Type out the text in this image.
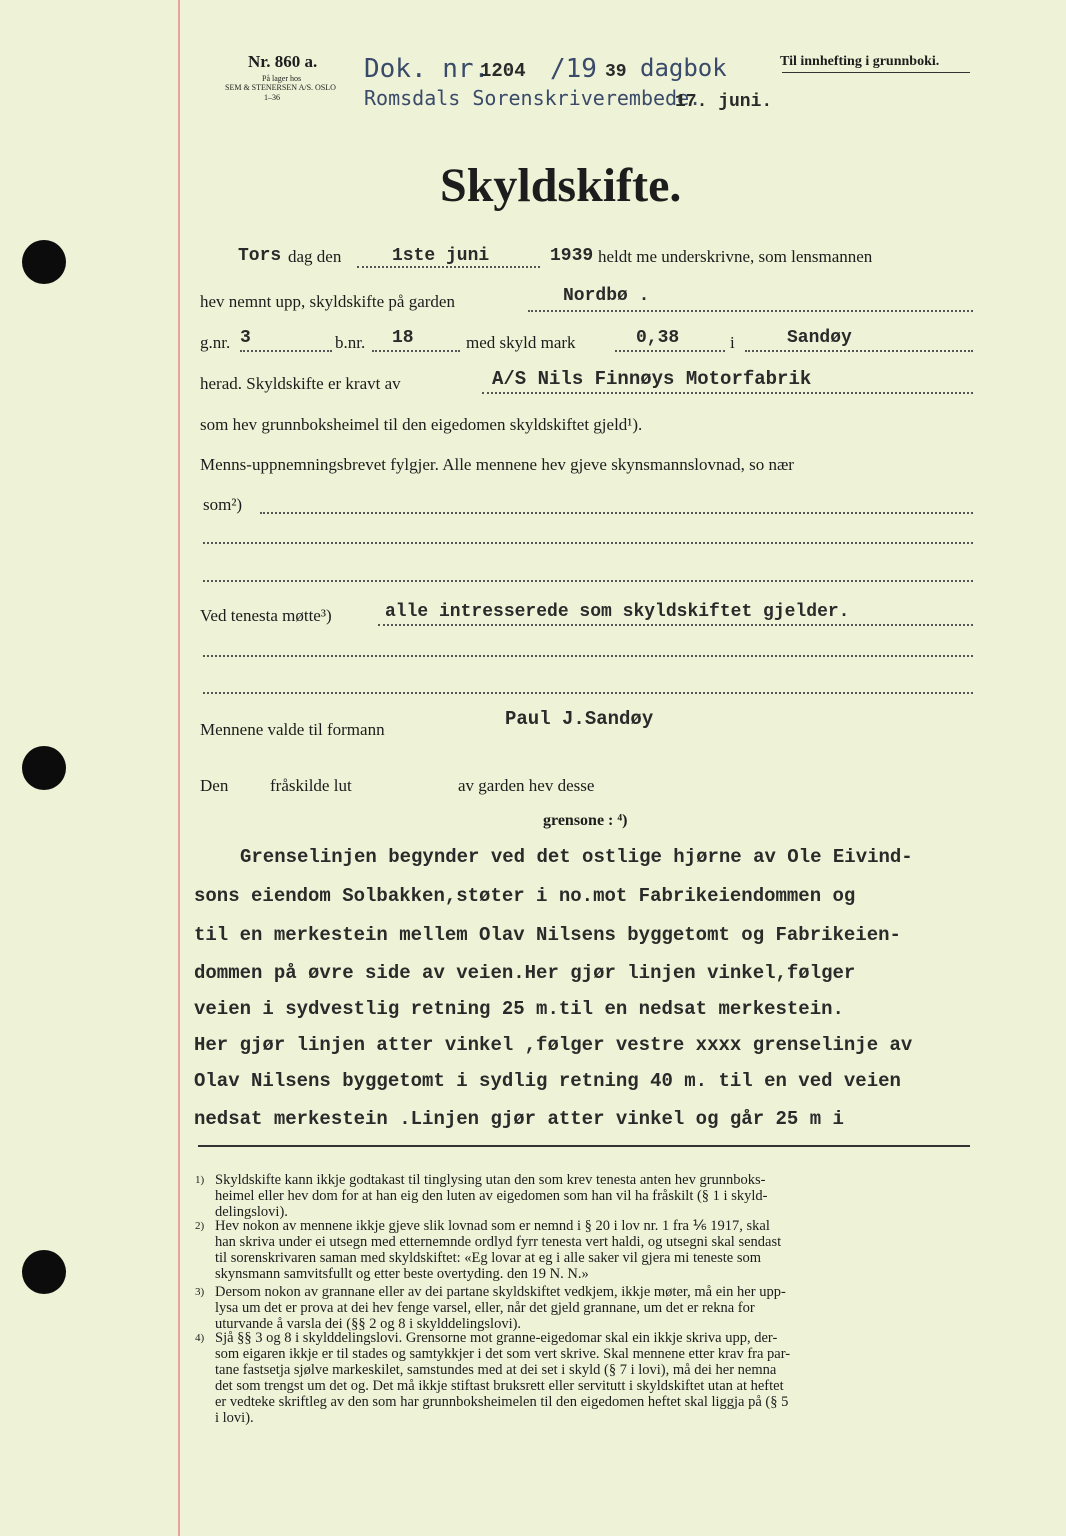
Nr. 860 a.
På lager hos
SEM & STENERSEN A/S. OSLO
1–36
Dok. nr.
1204 /19 39 dagbok	Til innhefting i grunnboki.
Romsdals Sorenskriverembede.
17. juni.
Skyldskifte.
Tors dag den	1ste juni	1939 heldt me underskrivne, som lensmannen
hev nemnt upp, skyldskifte på garden	Nordbø .
g.nr. 3	b.nr. 18	med skyld mark	0,38	i	Sandøy
herad. Skyldskifte er kravt av	A/S Nils Finnøys Motorfabrik
som hev grunnboksheimel til den eigedomen skyldskiftet gjeld¹).
Menns-uppnemningsbrevet fylgjer. Alle mennene hev gjeve skynsmannslovnad, so nær
som²)
Ved tenesta møtte³)	alle intresserede som skyldskiftet gjelder.
Mennene valde til formann	Paul J.Sandøy
Den fråskilde lut	av garden hev desse
grensone : ⁴)
Grenselinjen begynder ved det ostlige hjørne av Ole Eivind-
sons eiendom Solbakken,støter i no.mot Fabrikeiendommen og
til en merkestein mellem Olav Nilsens byggetomt og Fabrikeien-
dommen på øvre side av veien.Her gjør linjen vinkel,følger
veien i sydvestlig retning 25 m.til en nedsat merkestein.
Her gjør linjen atter vinkel ,følger vestre xxxx grenselinje av
Olav Nilsens byggetomt i sydlig retning 40 m. til en ved veien
nedsat merkestein .Linjen gjør atter vinkel og går 25 m i
1) Skyldskifte kann ikkje godtakast til tinglysing utan den som krev tenesta anten hev grunnboks-

heimel eller hev dom for at han eig den luten av eigedomen som han vil ha fråskilt (§ 1 i skyld-

delingslovi).

2) Hev nokon av mennene ikkje gjeve slik lovnad som er nemnd i § 20 i lov nr. 1 fra ⅙ 1917, skal

han skriva under ei utsegn med etternemnde ordlyd fyrr tenesta vert haldi, og utsegni skal sendast

til sorenskrivaren saman med skyldskiftet: «Eg lovar at eg i alle saker vil gjera mi teneste som

skynsmann samvitsfullt og etter beste overtyding. den 19 N. N.»

3) Dersom nokon av grannane eller av dei partane skyldskiftet vedkjem, ikkje møter, må ein her upp-

lysa um det er prova at dei hev fenge varsel, eller, når det gjeld grannane, um det er rekna for

uturvande å varsla dei (§§ 2 og 8 i skylddelingslovi).

4) Sjå §§ 3 og 8 i skylddelingslovi. Grensorne mot granne-eigedomar skal ein ikkje skriva upp, der-

som eigaren ikkje er til stades og samtykkjer i det som vert skrive. Skal mennene etter krav fra par-

tane fastsetja sjølve markeskilet, samstundes med at dei set i skyld (§ 7 i lovi), må dei her nemna

det som trengst um det og. Det må ikkje stiftast bruksrett eller servitutt i skyldskiftet utan at heftet

er vedteke skriftleg av den som har grunnboksheimelen til den eigedomen heftet skal liggja på (§ 5

i lovi).
